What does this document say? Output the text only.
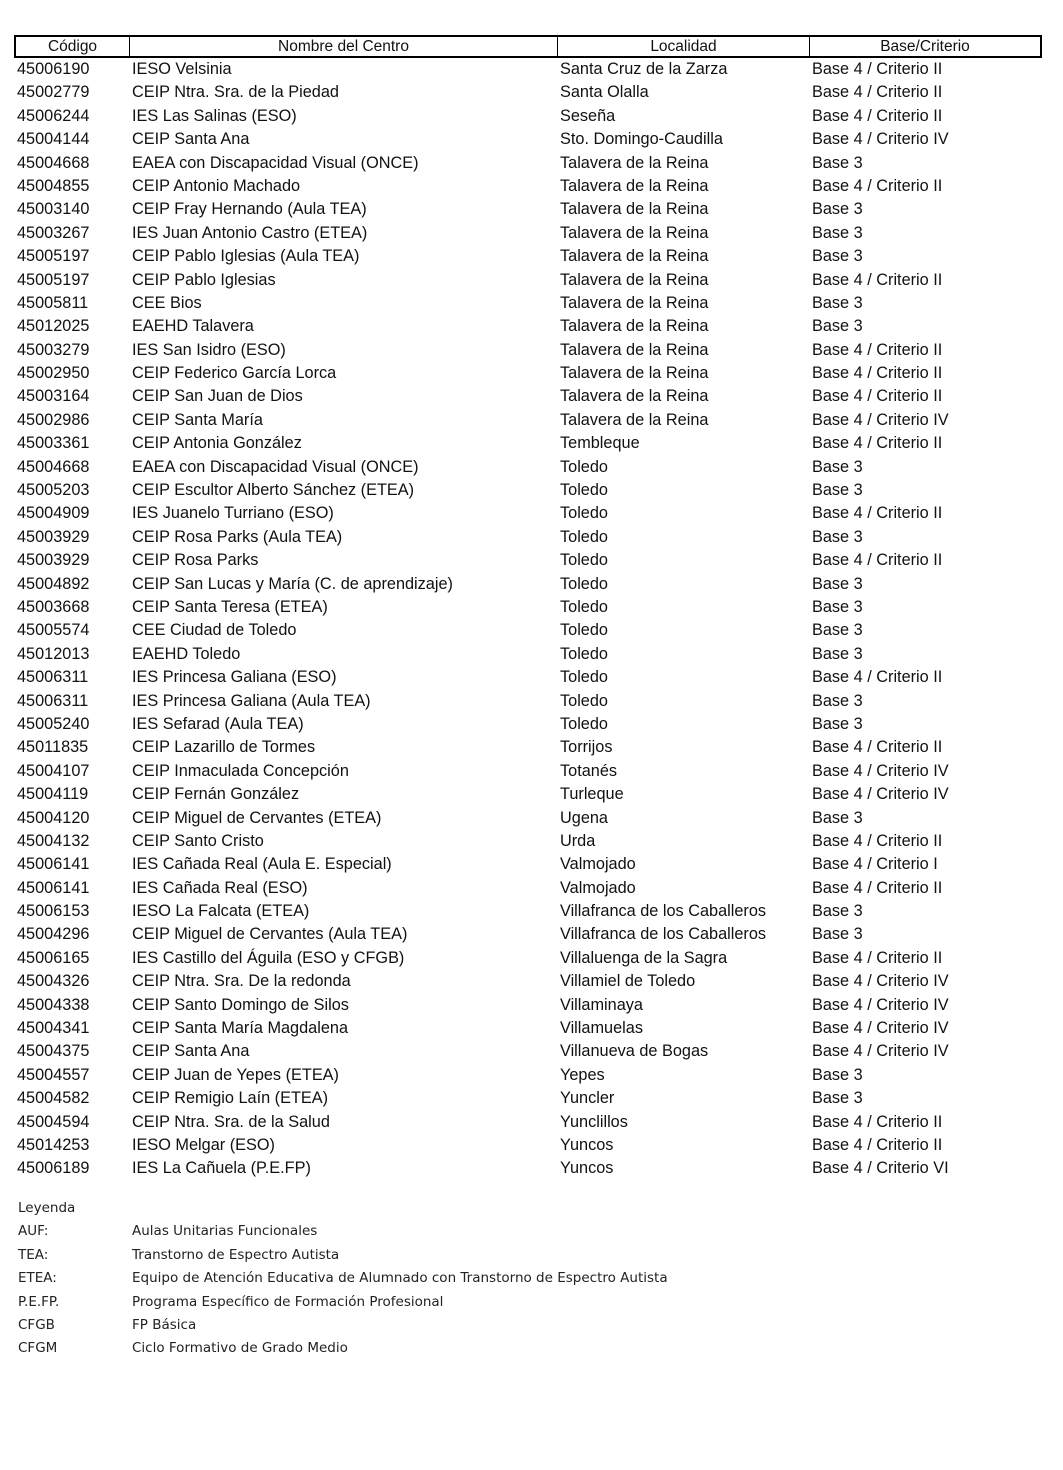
Código	Nombre del Centro	Localidad	Base/Criterio
45006190	IESO Velsinia	Santa Cruz de la Zarza	Base 4 / Criterio II
45002779	CEIP Ntra. Sra. de la Piedad	Santa Olalla	Base 4 / Criterio II
45006244	IES Las Salinas (ESO)	Seseña	Base 4 / Criterio II
45004144	CEIP Santa Ana	Sto. Domingo-Caudilla	Base 4 / Criterio IV
45004668	EAEA con Discapacidad Visual (ONCE)	Talavera de la Reina	Base 3
45004855	CEIP Antonio Machado	Talavera de la Reina	Base 4 / Criterio II
45003140	CEIP Fray Hernando (Aula TEA)	Talavera de la Reina	Base 3
45003267	IES Juan Antonio Castro (ETEA)	Talavera de la Reina	Base 3
45005197	CEIP Pablo Iglesias (Aula TEA)	Talavera de la Reina	Base 3
45005197	CEIP Pablo Iglesias	Talavera de la Reina	Base 4 / Criterio II
45005811	CEE Bios	Talavera de la Reina	Base 3
45012025	EAEHD Talavera	Talavera de la Reina	Base 3
45003279	IES San Isidro (ESO)	Talavera de la Reina	Base 4 / Criterio II
45002950	CEIP Federico García Lorca	Talavera de la Reina	Base 4 / Criterio II
45003164	CEIP San Juan de Dios	Talavera de la Reina	Base 4 / Criterio II
45002986	CEIP Santa María	Talavera de la Reina	Base 4 / Criterio IV
45003361	CEIP Antonia González	Tembleque	Base 4 / Criterio II
45004668	EAEA con Discapacidad Visual (ONCE)	Toledo	Base 3
45005203	CEIP Escultor Alberto Sánchez (ETEA)	Toledo	Base 3
45004909	IES Juanelo Turriano (ESO)	Toledo	Base 4 / Criterio II
45003929	CEIP Rosa Parks (Aula TEA)	Toledo	Base 3
45003929	CEIP Rosa Parks	Toledo	Base 4 / Criterio II
45004892	CEIP San Lucas y María (C. de aprendizaje)	Toledo	Base 3
45003668	CEIP Santa Teresa (ETEA)	Toledo	Base 3
45005574	CEE Ciudad de Toledo	Toledo	Base 3
45012013	EAEHD Toledo	Toledo	Base 3
45006311	IES Princesa Galiana (ESO)	Toledo	Base 4 / Criterio II
45006311	IES Princesa Galiana (Aula TEA)	Toledo	Base 3
45005240	IES Sefarad (Aula TEA)	Toledo	Base 3
45011835	CEIP Lazarillo de Tormes	Torrijos	Base 4 / Criterio II
45004107	CEIP Inmaculada Concepción	Totanés	Base 4 / Criterio IV
45004119	CEIP Fernán González	Turleque	Base 4 / Criterio IV
45004120	CEIP Miguel de Cervantes (ETEA)	Ugena	Base 3
45004132	CEIP Santo Cristo	Urda	Base 4 / Criterio II
45006141	IES Cañada Real (Aula E. Especial)	Valmojado	Base 4 / Criterio I
45006141	IES Cañada Real (ESO)	Valmojado	Base 4 / Criterio II
45006153	IESO La Falcata (ETEA)	Villafranca de los Caballeros	Base 3
45004296	CEIP Miguel de Cervantes (Aula TEA)	Villafranca de los Caballeros	Base 3
45006165	IES Castillo del Águila (ESO y CFGB)	Villaluenga de la Sagra	Base 4 / Criterio II
45004326	CEIP Ntra. Sra. De la redonda	Villamiel de Toledo	Base 4 / Criterio IV
45004338	CEIP Santo Domingo de Silos	Villaminaya	Base 4 / Criterio IV
45004341	CEIP Santa María Magdalena	Villamuelas	Base 4 / Criterio IV
45004375	CEIP Santa Ana	Villanueva de Bogas	Base 4 / Criterio IV
45004557	CEIP Juan de Yepes (ETEA)	Yepes	Base 3
45004582	CEIP Remigio Laín (ETEA)	Yuncler	Base 3
45004594	CEIP Ntra. Sra. de la Salud	Yunclillos	Base 4 / Criterio II
45014253	IESO Melgar (ESO)	Yuncos	Base 4 / Criterio II
45006189	IES La Cañuela (P.E.FP)	Yuncos	Base 4 / Criterio VI
Leyenda
AUF:	Aulas Unitarias Funcionales
TEA:	Transtorno de Espectro Autista
ETEA:	Equipo de Atención Educativa de Alumnado con Transtorno de Espectro Autista
P.E.FP.	Programa Específico de Formación Profesional
CFGB	FP Básica
CFGM	Ciclo Formativo de Grado Medio
